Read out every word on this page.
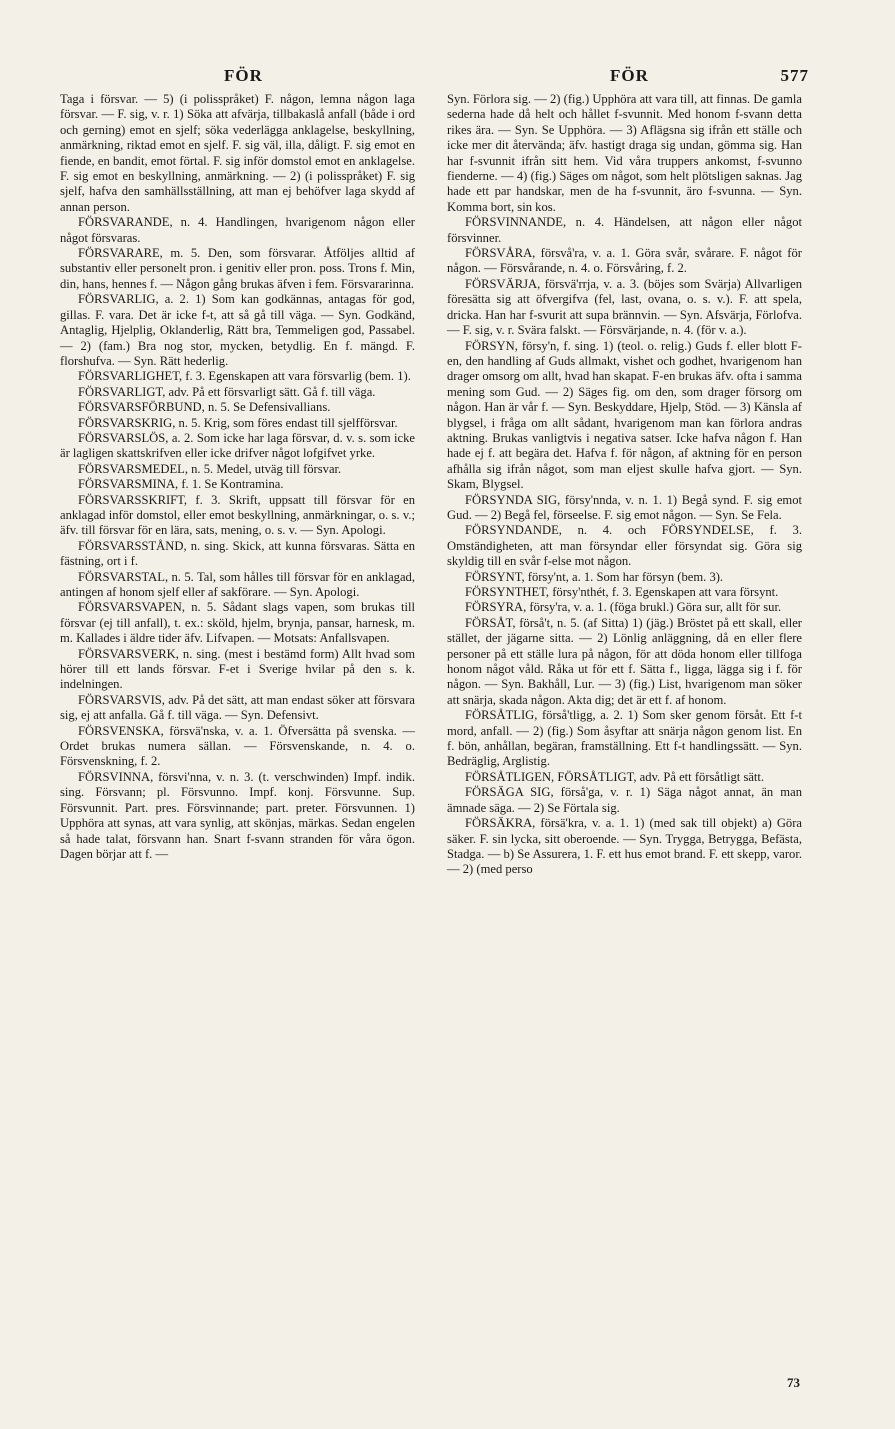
FÖR	FÖR	577

Taga i försvar. — 5) (i polisspråket) F. någon, lemna någon laga försvar. — F. sig, v. r. 1) Söka att afvärja, tillbakaslå anfall (både i ord och gerning) emot en sjelf; söka vederlägga anklagelse, beskyllning, anmärkning, riktad emot en sjelf. F. sig väl, illa, dåligt. F. sig emot en fiende, en bandit, emot förtal. F. sig inför domstol emot en anklagelse. F. sig emot en beskyllning, anmärkning. — 2) (i polisspråket) F. sig sjelf, hafva den samhällsställning, att man ej behöfver laga skydd af annan person.

FÖRSVARANDE, n. 4. Handlingen, hvarigenom någon eller något försvaras.

FÖRSVARARE, m. 5. Den, som försvarar. Åtföljes alltid af substantiv eller personelt pron. i genitiv eller pron. poss. Trons f. Min, din, hans, hennes f. — Någon gång brukas äfven i fem. Försvararinna.

FÖRSVARLIG, a. 2. 1) Som kan godkännas, antagas för god, gillas. F. vara. Det är icke f-t, att så gå till väga. — Syn. Godkänd, Antaglig, Hjelplig, Oklanderlig, Rätt bra, Temmeligen god, Passabel. — 2) (fam.) Bra nog stor, mycken, betydlig. En f. mängd. F. florshufva. — Syn. Rätt hederlig.

FÖRSVARLIGHET, f. 3. Egenskapen att vara försvarlig (bem. 1).

FÖRSVARLIGT, adv. På ett försvarligt sätt. Gå f. till väga.

FÖRSVARSFÖRBUND, n. 5. Se Defensivallians.

FÖRSVARSKRIG, n. 5. Krig, som föres endast till sjelfförsvar.

FÖRSVARSLÖS, a. 2. Som icke har laga försvar, d. v. s. som icke är lagligen skattskrifven eller icke drifver något lofgifvet yrke.

FÖRSVARSMEDEL, n. 5. Medel, utväg till försvar.

FÖRSVARSMINA, f. 1. Se Kontramina.

FÖRSVARSSKRIFT, f. 3. Skrift, uppsatt till försvar för en anklagad inför domstol, eller emot beskyllning, anmärkningar, o. s. v.; äfv. till försvar för en lära, sats, mening, o. s. v. — Syn. Apologi.

FÖRSVARSSTÅND, n. sing. Skick, att kunna försvaras. Sätta en fästning, ort i f.

FÖRSVARSTAL, n. 5. Tal, som hålles till försvar för en anklagad, antingen af honom sjelf eller af sakförare. — Syn. Apologi.

FÖRSVARSVAPEN, n. 5. Sådant slags vapen, som brukas till försvar (ej till anfall), t. ex.: sköld, hjelm, brynja, pansar, harnesk, m. m. Kallades i äldre tider äfv. Lifvapen. — Motsats: Anfallsvapen.

FÖRSVARSVERK, n. sing. (mest i bestämd form) Allt hvad som hörer till ett lands försvar. F-et i Sverige hvilar på den s. k. indelningen.

FÖRSVARSVIS, adv. På det sätt, att man endast söker att försvara sig, ej att anfalla. Gå f. till väga. — Syn. Defensivt.

FÖRSVENSKA, försvä'nska, v. a. 1. Öfversätta på svenska. — Ordet brukas numera sällan. — Försvenskande, n. 4. o. Försvenskning, f. 2.

FÖRSVINNA, försvi'nna, v. n. 3. (t. verschwinden) Impf. indik. sing. Försvann; pl. Försvunno. Impf. konj. Försvunne. Sup. Försvunnit. Part. pres. Försvinnande; part. preter. Försvunnen. 1) Upphöra att synas, att vara synlig, att skönjas, märkas. Sedan engelen så hade talat, försvann han. Snart f-svann stranden för våra ögon. Dagen börjar att f. —

Syn. Förlora sig. — 2) (fig.) Upphöra att vara till, att finnas. De gamla sederna hade då helt och hållet f-svunnit. Med honom f-svann detta rikes ära. — Syn. Se Upphöra. — 3) Aflägsna sig ifrån ett ställe och icke mer dit återvända; äfv. hastigt draga sig undan, gömma sig. Han har f-svunnit ifrån sitt hem. Vid våra truppers ankomst, f-svunno fienderne. — 4) (fig.) Säges om något, som helt plötsligen saknas. Jag hade ett par handskar, men de ha f-svunnit, äro f-svunna. — Syn. Komma bort, sin kos.

FÖRSVINNANDE, n. 4. Händelsen, att någon eller något försvinner.

FÖRSVÅRA, försvå'ra, v. a. 1. Göra svår, svårare. F. något för någon. — Försvårande, n. 4. o. Försvåring, f. 2.

FÖRSVÄRJA, försvä'rrja, v. a. 3. (böjes som Svärja) Allvarligen föresätta sig att öfvergifva (fel, last, ovana, o. s. v.). F. att spela, dricka. Han har f-svurit att supa brännvin. — Syn. Afsvärja, Förlofva. — F. sig, v. r. Svära falskt. — Försvärjande, n. 4. (för v. a.).

FÖRSYN, försy'n, f. sing. 1) (teol. o. relig.) Guds f. eller blott F-en, den handling af Guds allmakt, vishet och godhet, hvarigenom han drager omsorg om allt, hvad han skapat. F-en brukas äfv. ofta i samma mening som Gud. — 2) Säges fig. om den, som drager försorg om någon. Han är vår f. — Syn. Beskyddare, Hjelp, Stöd. — 3) Känsla af blygsel, i fråga om allt sådant, hvarigenom man kan förlora andras aktning. Brukas vanligtvis i negativa satser. Icke hafva någon f. Han hade ej f. att begära det. Hafva f. för någon, af aktning för en person afhålla sig ifrån något, som man eljest skulle hafva gjort. — Syn. Skam, Blygsel.

FÖRSYNDA SIG, försy'nnda, v. n. 1. 1) Begå synd. F. sig emot Gud. — 2) Begå fel, förseelse. F. sig emot någon. — Syn. Se Fela.

FÖRSYNDANDE, n. 4. och FÖRSYNDELSE, f. 3. Omständigheten, att man försyndar eller försyndat sig. Göra sig skyldig till en svår f-else mot någon.

FÖRSYNT, försy'nt, a. 1. Som har försyn (bem. 3).

FÖRSYNTHET, försy'nthét, f. 3. Egenskapen att vara försynt.

FÖRSYRA, försy'ra, v. a. 1. (föga brukl.) Göra sur, allt för sur.

FÖRSÅT, förså't, n. 5. (af Sitta) 1) (jäg.) Bröstet på ett skall, eller stället, der jägarne sitta. — 2) Lönlig anläggning, då en eller flere personer på ett ställe lura på någon, för att döda honom eller tillfoga honom något våld. Råka ut för ett f. Sätta f., ligga, lägga sig i f. för någon. — Syn. Bakhåll, Lur. — 3) (fig.) List, hvarigenom man söker att snärja, skada någon. Akta dig; det är ett f. af honom.

FÖRSÅTLIG, förså'tligg, a. 2. 1) Som sker genom försåt. Ett f-t mord, anfall. — 2) (fig.) Som åsyftar att snärja någon genom list. En f. bön, anhållan, begäran, framställning. Ett f-t handlingssätt. — Syn. Bedräglig, Arglistig.

FÖRSÅTLIGEN, FÖRSÅTLIGT, adv. På ett försåtligt sätt.

FÖRSÄGA SIG, förså'ga, v. r. 1) Säga något annat, än man ämnade säga. — 2) Se Förtala sig.

FÖRSÄKRA, försä'kra, v. a. 1. 1) (med sak till objekt) a) Göra säker. F. sin lycka, sitt oberoende. — Syn. Trygga, Betrygga, Befästa, Stadga. — b) Se Assurera, 1. F. ett hus emot brand. F. ett skepp, varor. — 2) (med perso

73
